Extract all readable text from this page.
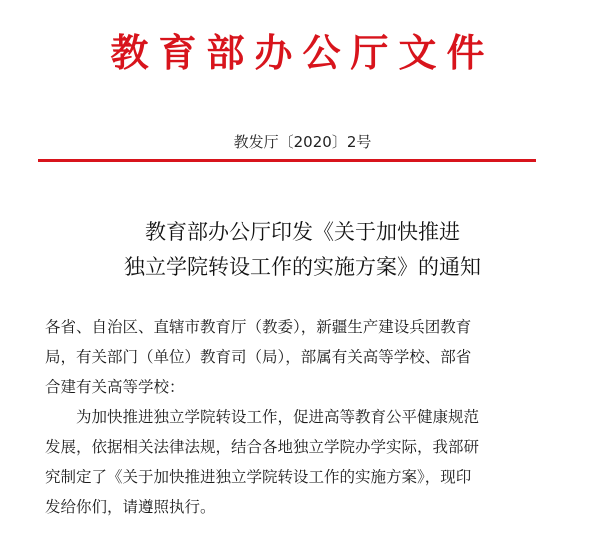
教育部办公厅文件
教发厅〔2020〕2号
教育部办公厅印发《关于加快推进
独立学院转设工作的实施方案》的通知
各省、自治区、直辖市教育厅（教委），新疆生产建设兵团教育
局，有关部门（单位）教育司（局），部属有关高等学校、部省
合建有关高等学校：
为加快推进独立学院转设工作，促进高等教育公平健康规范
发展，依据相关法律法规，结合各地独立学院办学实际，我部研
究制定了《关于加快推进独立学院转设工作的实施方案》，现印
发给你们，请遵照执行。
